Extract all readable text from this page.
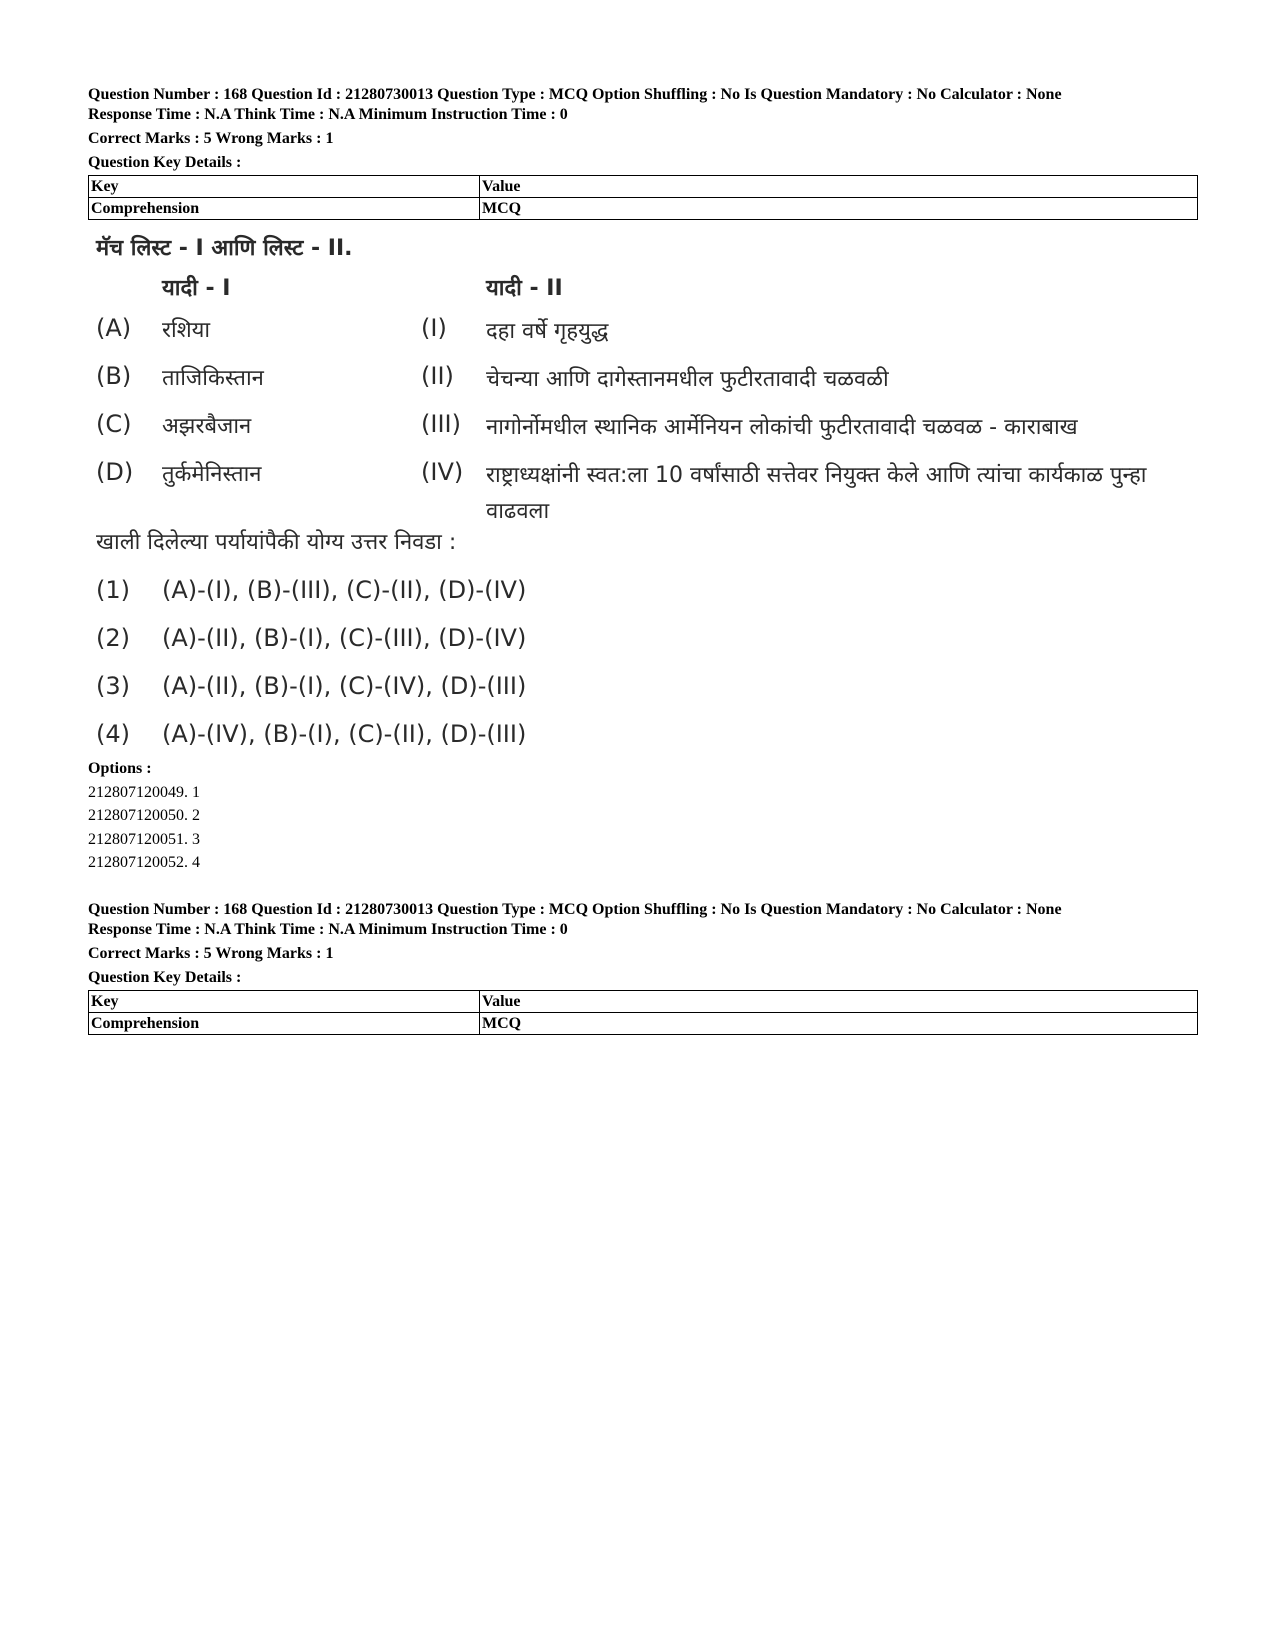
Question Number : 168 Question Id : 21280730013 Question Type : MCQ Option Shuffling : No Is Question Mandatory : No Calculator : None
Response Time : N.A Think Time : N.A Minimum Instruction Time : 0
Correct Marks : 5 Wrong Marks : 1
Question Key Details :
Key	Value
Comprehension	MCQ
मॅच लिस्ट - I आणि लिस्ट - II.
यादी - I	यादी - II
(A) रशिया	(I) दहा वर्षे गृहयुद्ध
(B) ताजिकिस्तान	(II) चेचन्या आणि दागेस्तानमधील फुटीरतावादी चळवळी
(C) अझरबैजान	(III) नागोर्नोमधील स्थानिक आर्मेनियन लोकांची फुटीरतावादी चळवळ - काराबाख
(D) तुर्कमेनिस्तान	(IV) राष्ट्राध्यक्षांनी स्वत:ला 10 वर्षांसाठी सत्तेवर नियुक्त केले आणि त्यांचा कार्यकाळ पुन्हा वाढवला
खाली दिलेल्या पर्यायांपैकी योग्य उत्तर निवडा :
(1) (A)-(I), (B)-(III), (C)-(II), (D)-(IV)
(2) (A)-(II), (B)-(I), (C)-(III), (D)-(IV)
(3) (A)-(II), (B)-(I), (C)-(IV), (D)-(III)
(4) (A)-(IV), (B)-(I), (C)-(II), (D)-(III)
Options :
212807120049. 1
212807120050. 2
212807120051. 3
212807120052. 4
Question Number : 168 Question Id : 21280730013 Question Type : MCQ Option Shuffling : No Is Question Mandatory : No Calculator : None
Response Time : N.A Think Time : N.A Minimum Instruction Time : 0
Correct Marks : 5 Wrong Marks : 1
Question Key Details :
Key	Value
Comprehension	MCQ
